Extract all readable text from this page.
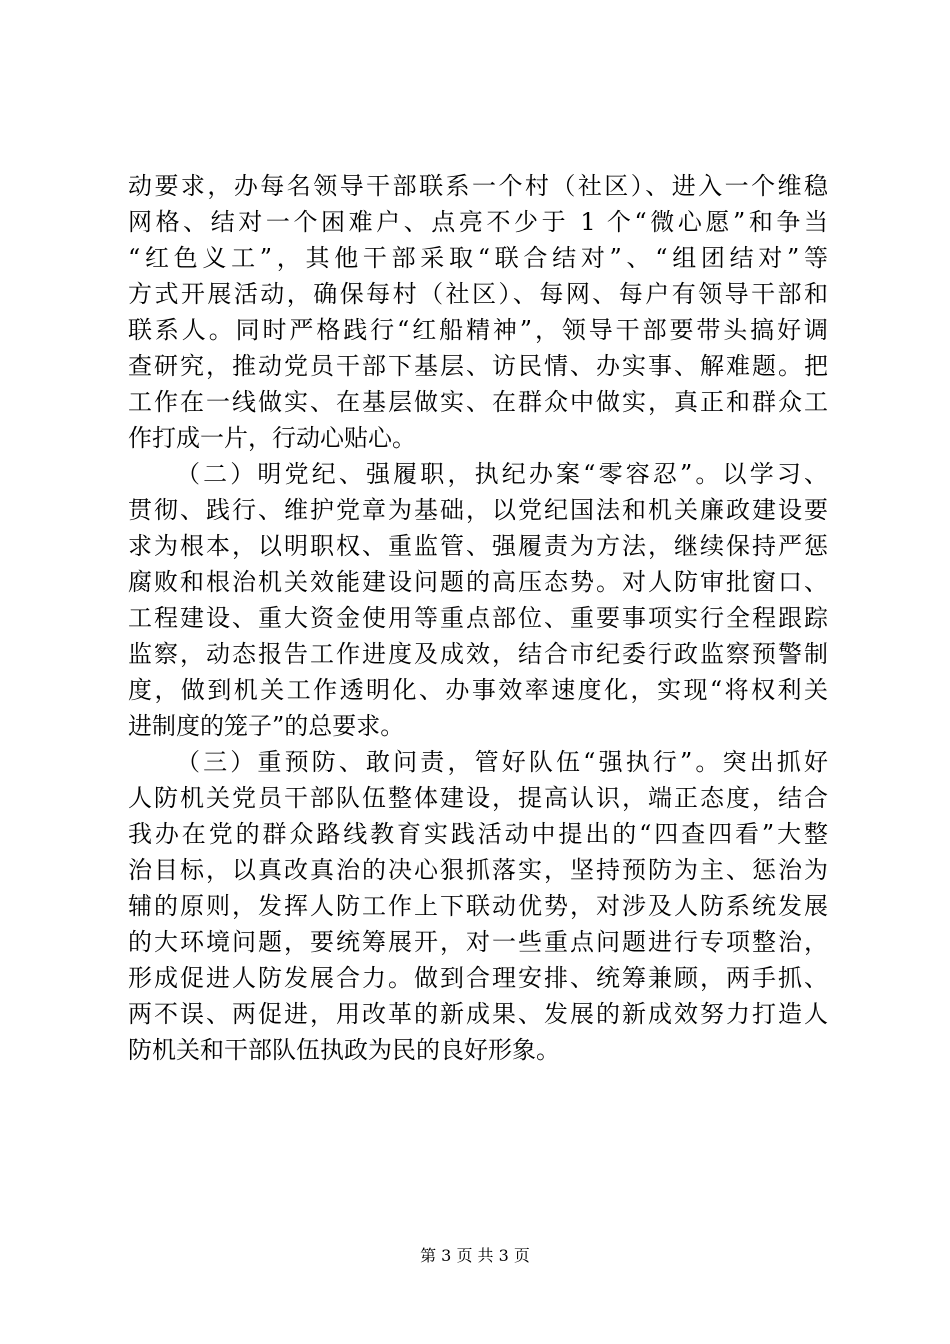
动要求，办每名领导干部联系一个村（社区）、进入一个维稳
网格、结对一个困难户、点亮不少于 1 个“微心愿”和争当
“红色义工”，其他干部采取“联合结对”、“组团结对”等
方式开展活动，确保每村（社区）、每网、每户有领导干部和
联系人。同时严格践行“红船精神”，领导干部要带头搞好调
查研究，推动党员干部下基层、访民情、办实事、解难题。把
工作在一线做实、在基层做实、在群众中做实，真正和群众工
作打成一片，行动心贴心。
（二）明党纪、强履职，执纪办案“零容忍”。以学习、
贯彻、践行、维护党章为基础，以党纪国法和机关廉政建设要
求为根本，以明职权、重监管、强履责为方法，继续保持严惩
腐败和根治机关效能建设问题的高压态势。对人防审批窗口、
工程建设、重大资金使用等重点部位、重要事项实行全程跟踪
监察，动态报告工作进度及成效，结合市纪委行政监察预警制
度，做到机关工作透明化、办事效率速度化，实现“将权利关
进制度的笼子”的总要求。
（三）重预防、敢问责，管好队伍“强执行”。突出抓好
人防机关党员干部队伍整体建设，提高认识，端正态度，结合
我办在党的群众路线教育实践活动中提出的“四查四看”大整
治目标，以真改真治的决心狠抓落实，坚持预防为主、惩治为
辅的原则，发挥人防工作上下联动优势，对涉及人防系统发展
的大环境问题，要统筹展开，对一些重点问题进行专项整治，
形成促进人防发展合力。做到合理安排、统筹兼顾，两手抓、
两不误、两促进，用改革的新成果、发展的新成效努力打造人
防机关和干部队伍执政为民的良好形象。
第 3 页 共 3 页
